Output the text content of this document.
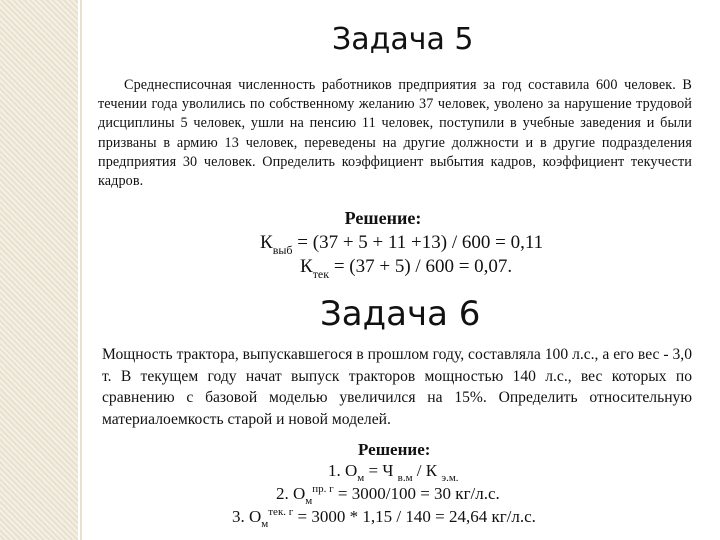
Задача 5

Среднесписочная численность работников предприятия за год составила 600 человек. В течении года уволились по собственному желанию 37 человек, уволено за нарушение трудовой дисциплины 5 человек, ушли на пенсию 11 человек, поступили в учебные заведения и были призваны в армию 13 человек, переведены на другие должности и в другие подразделения предприятия 30 человек. Определить коэффициент выбытия кадров, коэффициент текучести кадров.

Решение:
$К_{выб} = (37 + 5 + 11 +13) / 600 = 0,11$
$К_{тек} = (37 + 5) / 600 = 0,07$.
Задача 6

Мощность трактора, выпускавшегося в прошлом году, составляла 100 л.с., а его вес - 3,0 т. В текущем году начат выпуск тракторов мощностью 140 л.с., вес которых по сравнению с базовой моделью увеличился на 15%. Определить относительную материалоемкость старой и новой моделей.

Решение:
1. $О_м = Ч$ $_{в.м}$ / К $_{э.м.}$
2. $О_м^{пр. г} = 3000/100 = 30$ кг/л.с.
3. $О_м^{тек. г} = 3000 * 1,15 / 140 = 24,64$ кг/л.с.
